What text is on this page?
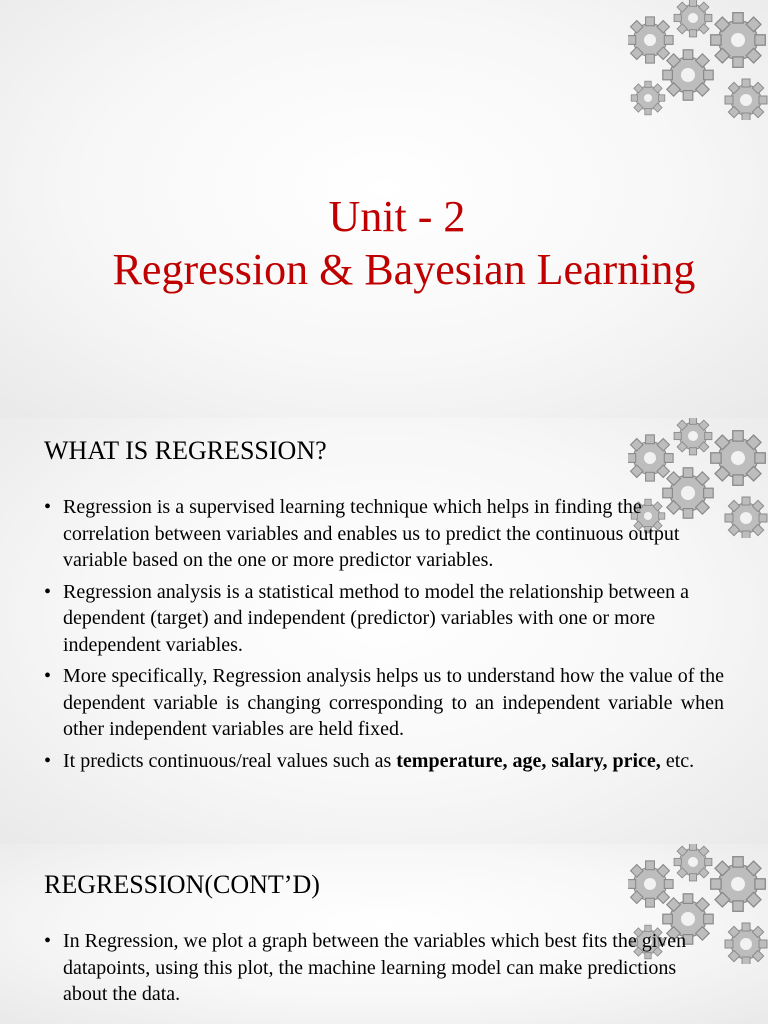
Unit - 2
Regression & Bayesian Learning
WHAT IS REGRESSION?
• Regression is a supervised learning technique which helps in finding the correlation between variables and enables us to predict the continuous output variable based on the one or more predictor variables.
• Regression analysis is a statistical method to model the relationship between a dependent (target) and independent (predictor) variables with one or more independent variables.
• More specifically, Regression analysis helps us to understand how the value of the dependent variable is changing corresponding to an independent variable when other independent variables are held fixed.
• It predicts continuous/real values such as temperature, age, salary, price, etc.
REGRESSION(CONT’D)
• In Regression, we plot a graph between the variables which best fits the given datapoints, using this plot, the machine learning model can make predictions about the data.
